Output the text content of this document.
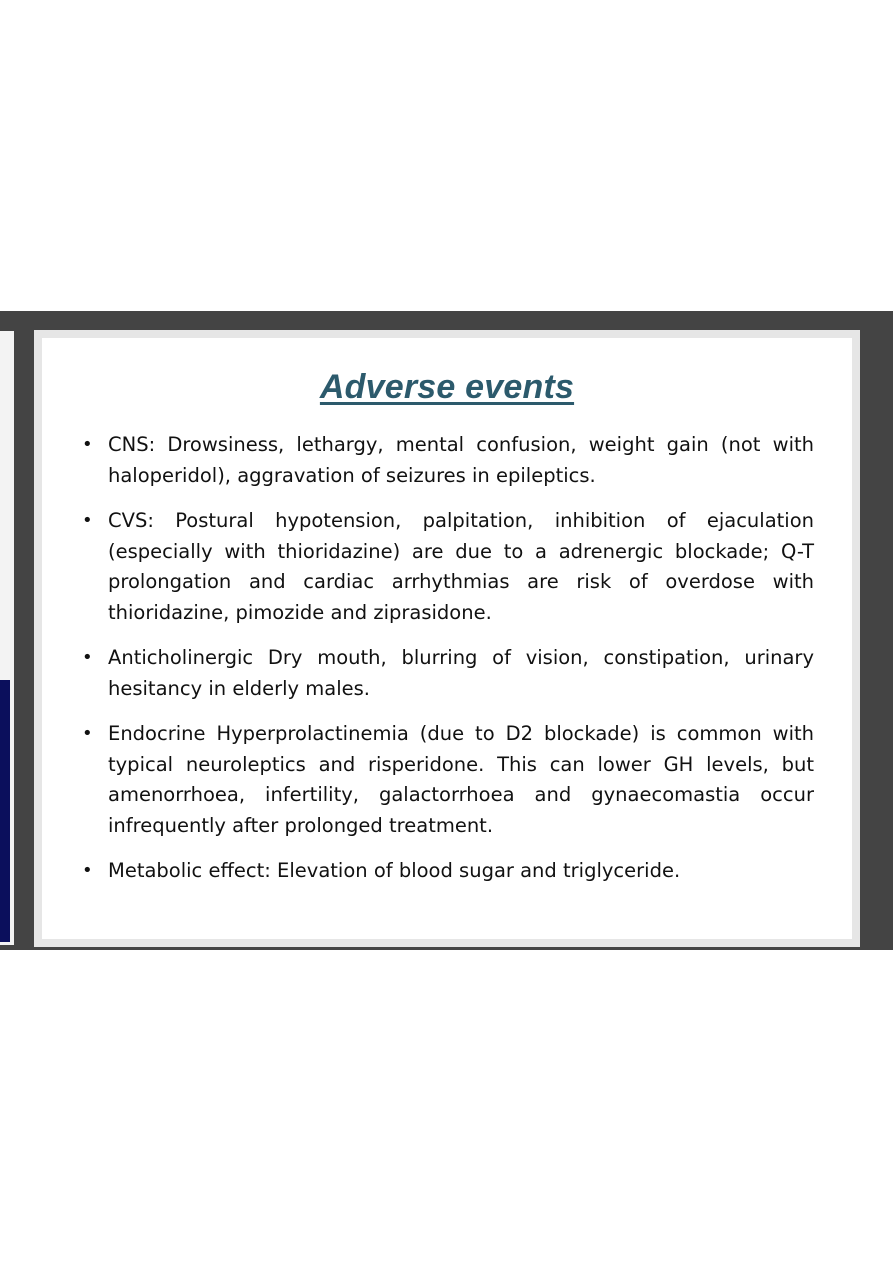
Adverse events
• CNS: Drowsiness, lethargy, mental confusion, weight gain (not with haloperidol), aggravation of seizures in epileptics.
• CVS: Postural hypotension, palpitation, inhibition of ejaculation (especially with thioridazine) are due to a adrenergic blockade; Q-T prolongation and cardiac arrhythmias are risk of overdose with thioridazine, pimozide and ziprasidone.
• Anticholinergic Dry mouth, blurring of vision, constipation, urinary hesitancy in elderly males.
• Endocrine Hyperprolactinemia (due to D2 blockade) is common with typical neuroleptics and risperidone. This can lower GH levels, but amenorrhoea, infertility, galactorrhoea and gynaecomastia occur infrequently after prolonged treatment.
• Metabolic effect: Elevation of blood sugar and triglyceride.
